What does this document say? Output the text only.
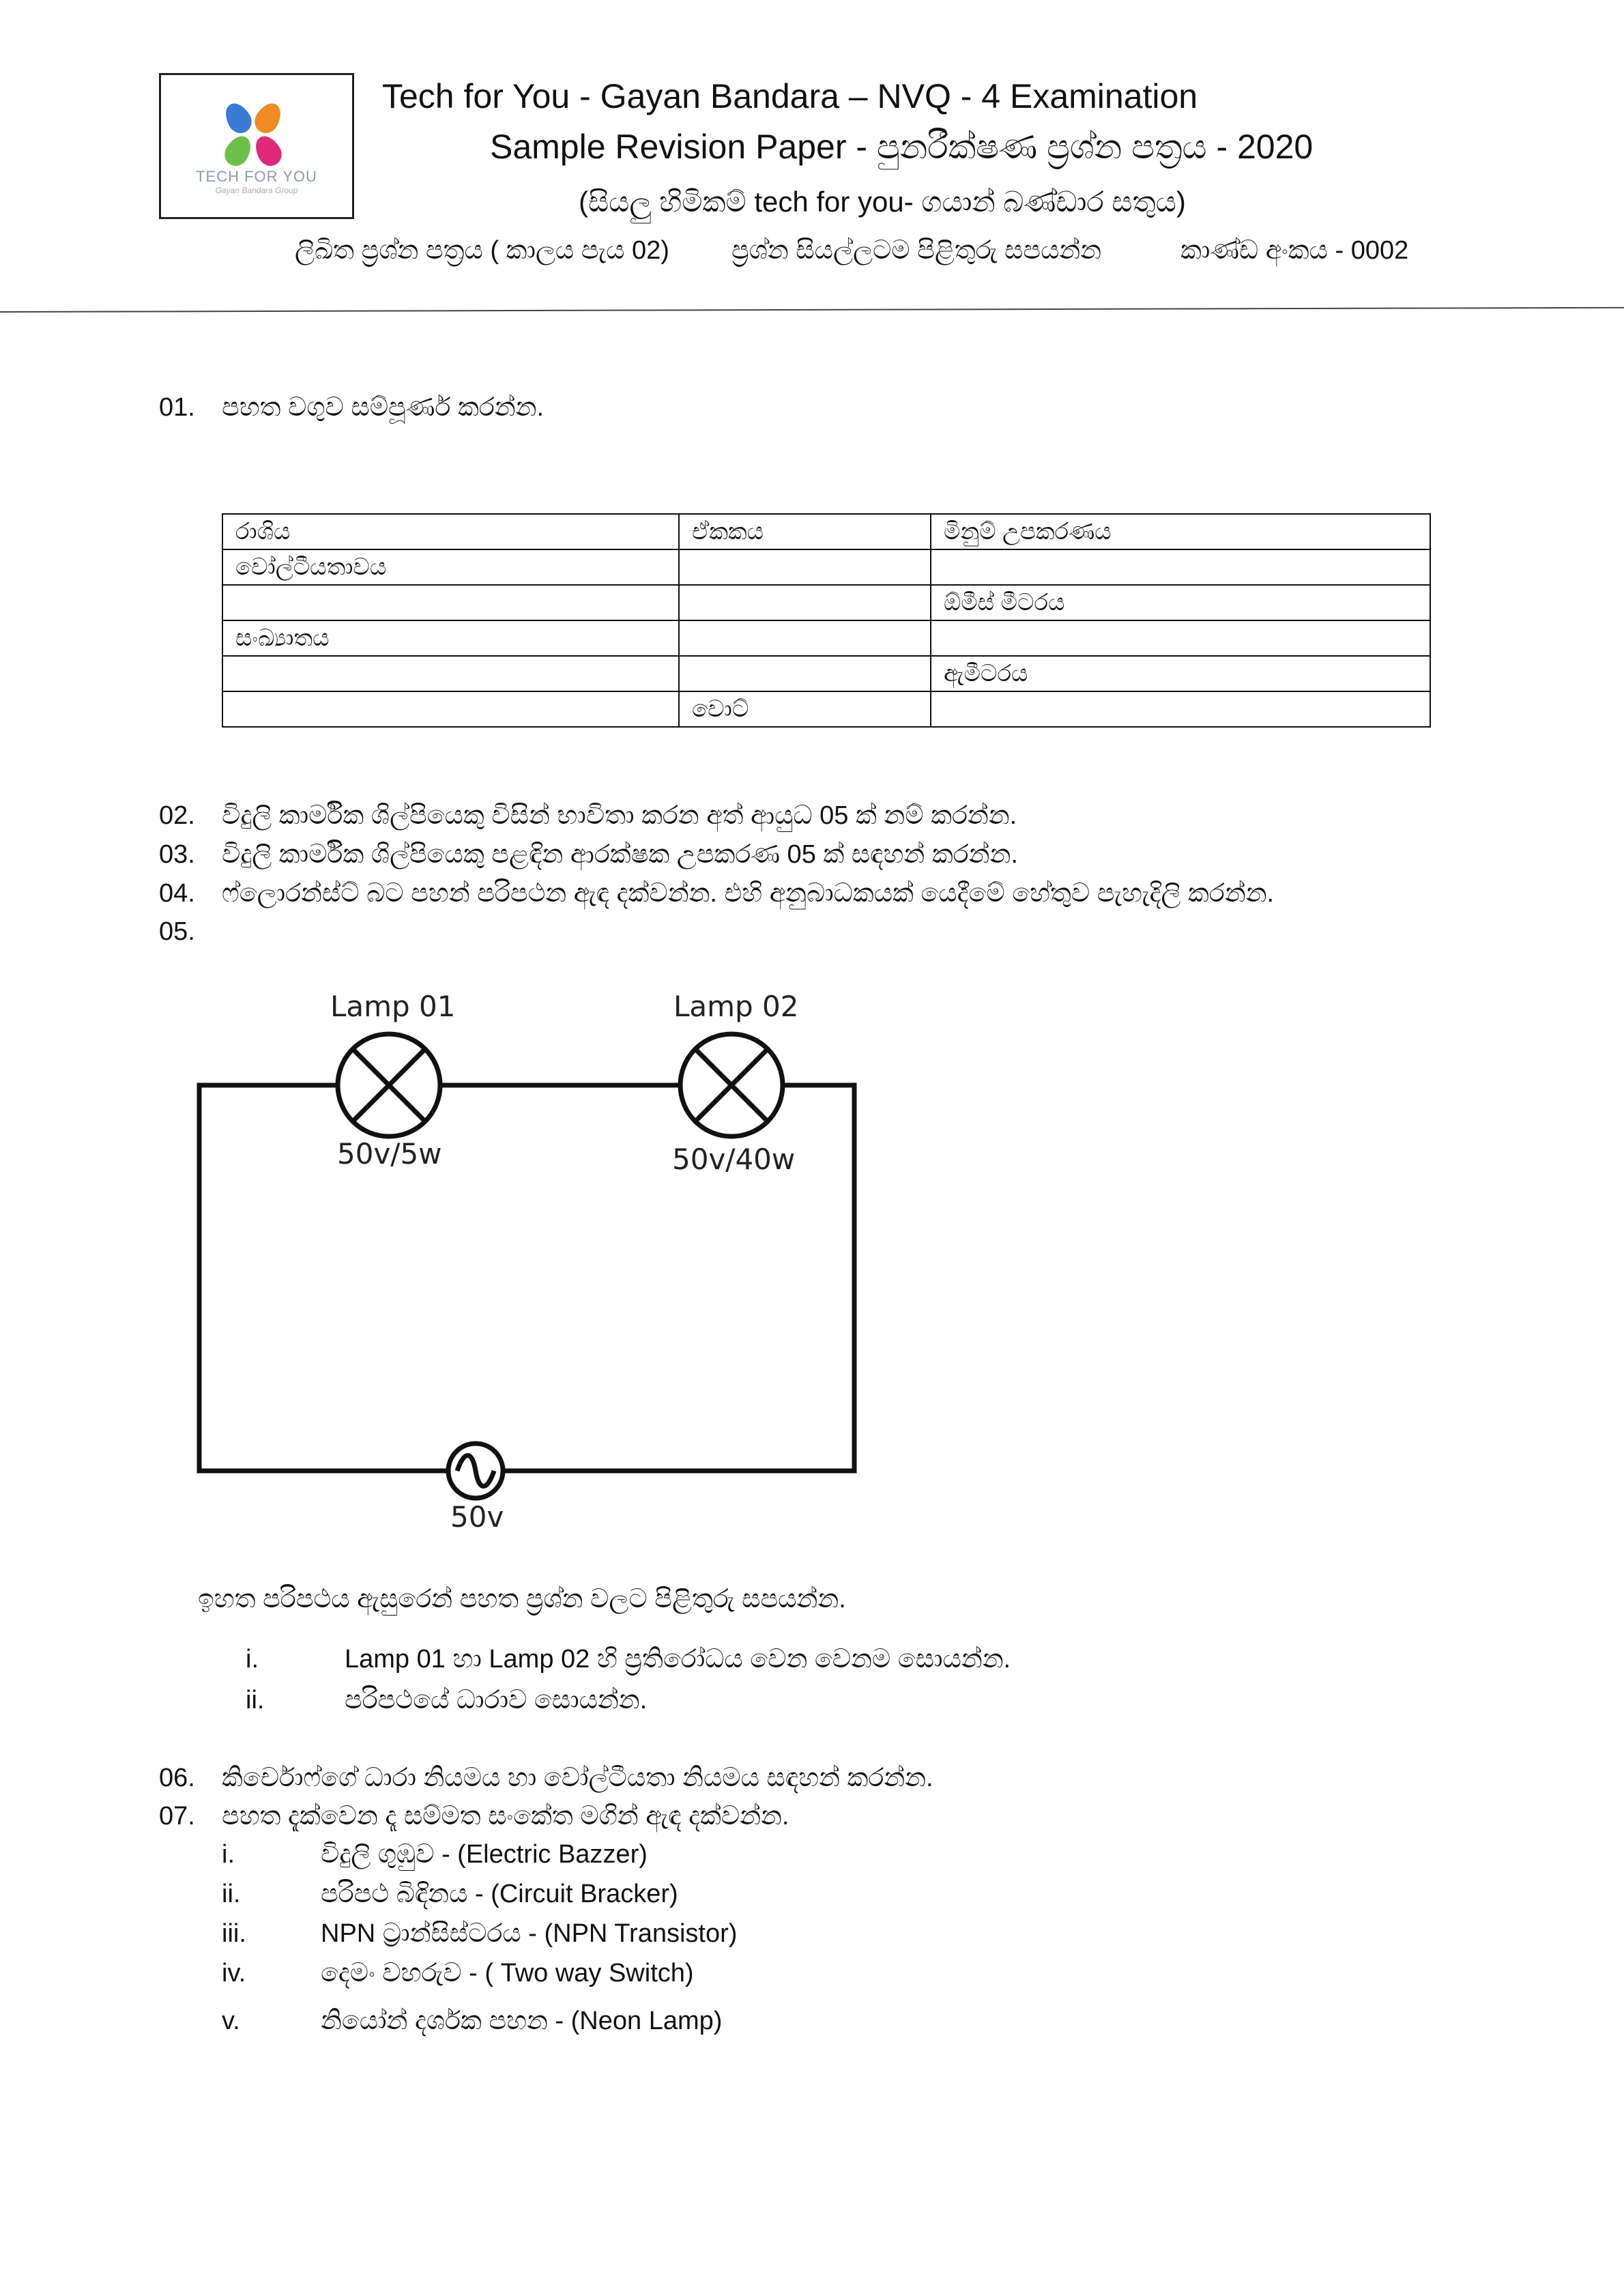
TECH FOR YOU
Gayan Bandara Group
Tech for You - Gayan Bandara – NVQ - 4 Examination
Sample Revision Paper - පුනරීක්ෂණ ප්‍රශ්න පත්‍රය - 2020
(සියලු හිමිකම් tech for you- ගයාන් බණ්ඩාර සතුය)
ලිඛිත ප්‍රශ්න පත්‍රය ( කාලය පැය 02) ප්‍රශ්න සියල්ලටම පිළිතුරු සපයන්න	කාණ්ඩ අංකය - 0002
01. පහත වගුව සම්පූර්ණ කරන්න.
රාශිය	ඒකකය	මිනුම් උපකරණය
වෝල්ටීයතාවය		
		ඕමීස් මීටරය
සංඛ්‍යාතය		
		ඇමීටරය
	වොට්	
02. විදුලි කාර්මික ශිල්පියෙකු විසින් භාවිතා කරන අත් ආයුධ 05 ක් නම් කරන්න.
03. විදුලි කාර්මික ශිල්පියෙකු පළඳින ආරක්ෂක උපකරණ 05 ක් සඳහන් කරන්න.
04. ෆ්ලොරන්ස්ට් බට පහන් පරිපථන ඇඳ දක්වන්න. එහි අනුබාධකයක් යෙදීමේ හේතුව පැහැදිලි කරන්න.
05.
Lamp 01
50v/5w
Lamp 02
50v/40w
50v
ඉහත පරිපථය ඇසුරෙන් පහත ප්‍රශ්න වලට පිළිතුරු සපයන්න.
i.	Lamp 01 හා Lamp 02 හි ප්‍රතිරෝධය වෙන වෙනම සොයන්න.
ii.	පරිපථයේ ධාරාව සොයන්න.
06. කිර්චොෆ්ගේ ධාරා නියමය හා වෝල්ටීයතා නියමය සඳහන් කරන්න.
07. පහත දැක්වෙන දෑ සම්මත සංකේත මගින් ඇඳ දක්වන්න.
i.	විදුලි ගුඹුව - (Electric Bazzer)
ii.	පරිපථ බිඳිනය - (Circuit Bracker)
iii.	NPN ට්‍රාන්සිස්ටරය - (NPN Transistor)
iv.	දෙමං වහරුව - ( Two way Switch)
v.	නියෝන් දර්ශක පහන - (Neon Lamp)
